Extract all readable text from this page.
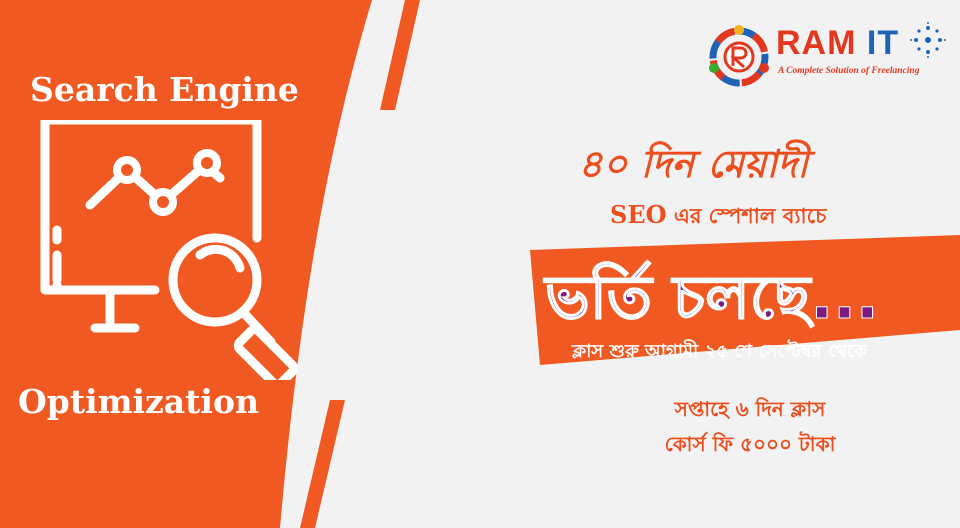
Search Engine
Optimization
RAM IT
A Complete Solution of Freelancing
৪০ দিন মেয়াদী
SEO এর স্পেশাল ব্যাচে
ভর্তি চলছে...
ক্লাস শুরু আগামী ২৫ শে সেপ্টেম্বর থেকে
সপ্তাহে ৬ দিন ক্লাস
কোর্স ফি ৫০০০ টাকা
